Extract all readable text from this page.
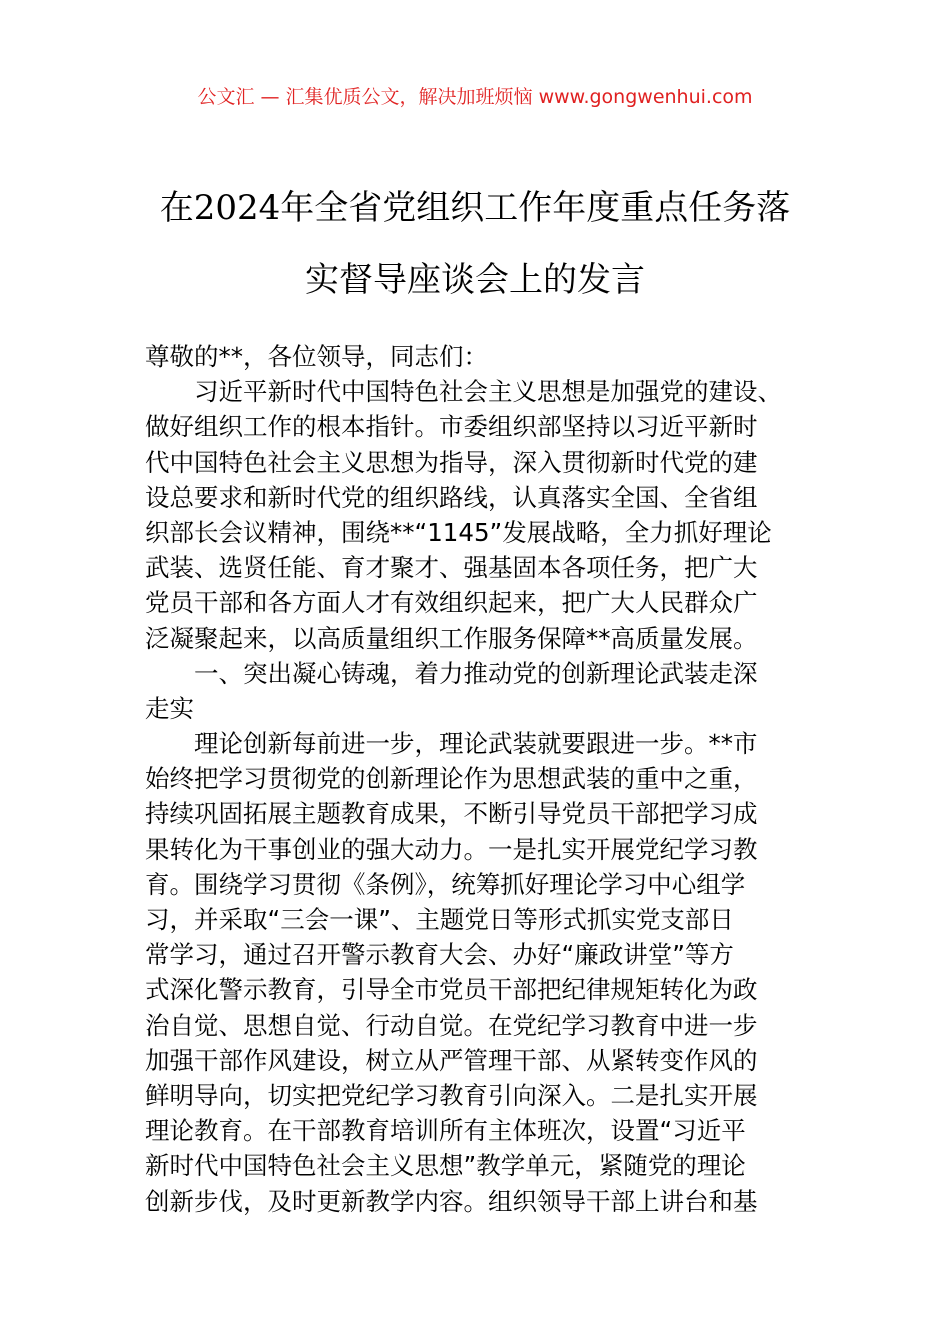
公文汇 — 汇集优质公文，解决加班烦恼 www.gongwenhui.com
在2024年全省党组织工作年度重点任务落
实督导座谈会上的发言
尊敬的**，各位领导，同志们：
习近平新时代中国特色社会主义思想是加强党的建设、
做好组织工作的根本指针。市委组织部坚持以习近平新时
代中国特色社会主义思想为指导，深入贯彻新时代党的建
设总要求和新时代党的组织路线，认真落实全国、全省组
织部长会议精神，围绕**“1145”发展战略，全力抓好理论
武装、选贤任能、育才聚才、强基固本各项任务，把广大
党员干部和各方面人才有效组织起来，把广大人民群众广
泛凝聚起来，以高质量组织工作服务保障**高质量发展。
一、突出凝心铸魂，着力推动党的创新理论武装走深
走实
理论创新每前进一步，理论武装就要跟进一步。**市
始终把学习贯彻党的创新理论作为思想武装的重中之重，
持续巩固拓展主题教育成果，不断引导党员干部把学习成
果转化为干事创业的强大动力。一是扎实开展党纪学习教
育。围绕学习贯彻《条例》，统筹抓好理论学习中心组学
习，并采取“三会一课”、主题党日等形式抓实党支部日
常学习，通过召开警示教育大会、办好“廉政讲堂”等方
式深化警示教育，引导全市党员干部把纪律规矩转化为政
治自觉、思想自觉、行动自觉。在党纪学习教育中进一步
加强干部作风建设，树立从严管理干部、从紧转变作风的
鲜明导向，切实把党纪学习教育引向深入。二是扎实开展
理论教育。在干部教育培训所有主体班次，设置“习近平
新时代中国特色社会主义思想”教学单元，紧随党的理论
创新步伐，及时更新教学内容。组织领导干部上讲台和基
